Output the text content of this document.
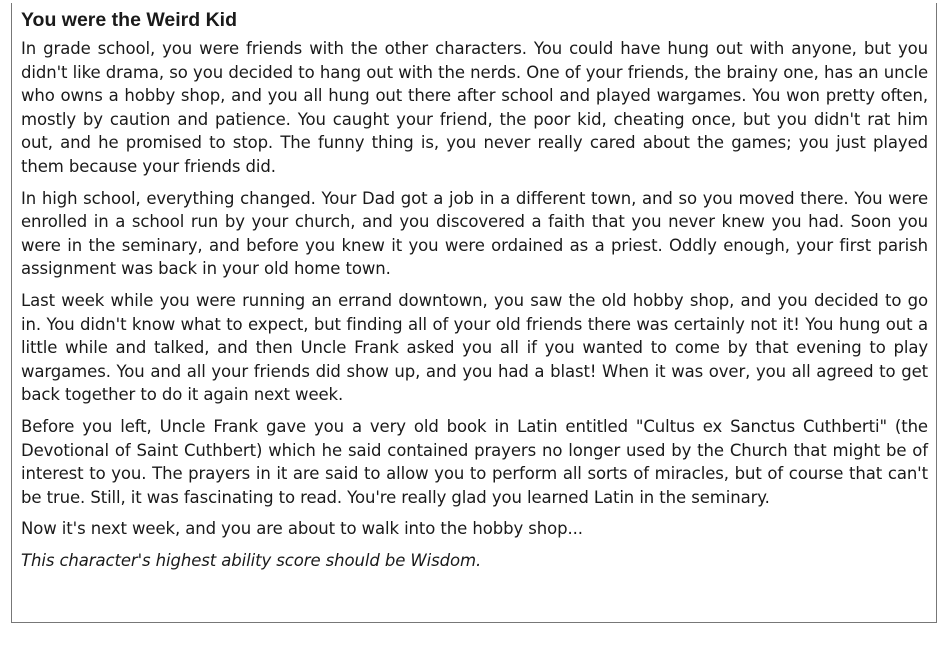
You were the Weird Kid

In grade school, you were friends with the other characters. You could have hung out with anyone, but you didn't like drama, so you decided to hang out with the nerds. One of your friends, the brainy one, has an uncle who owns a hobby shop, and you all hung out there after school and played wargames. You won pretty often, mostly by caution and patience. You caught your friend, the poor kid, cheating once, but you didn't rat him out, and he promised to stop. The funny thing is, you never really cared about the games; you just played them because your friends did.

In high school, everything changed. Your Dad got a job in a different town, and so you moved there. You were enrolled in a school run by your church, and you discovered a faith that you never knew you had. Soon you were in the seminary, and before you knew it you were ordained as a priest. Oddly enough, your first parish assignment was back in your old home town.

Last week while you were running an errand downtown, you saw the old hobby shop, and you decided to go in. You didn't know what to expect, but finding all of your old friends there was certainly not it! You hung out a little while and talked, and then Uncle Frank asked you all if you wanted to come by that evening to play wargames. You and all your friends did show up, and you had a blast! When it was over, you all agreed to get back together to do it again next week.

Before you left, Uncle Frank gave you a very old book in Latin entitled "Cultus ex Sanctus Cuthberti" (the Devotional of Saint Cuthbert) which he said contained prayers no longer used by the Church that might be of interest to you. The prayers in it are said to allow you to perform all sorts of miracles, but of course that can't be true. Still, it was fascinating to read. You're really glad you learned Latin in the seminary.

Now it's next week, and you are about to walk into the hobby shop...

This character's highest ability score should be Wisdom.
